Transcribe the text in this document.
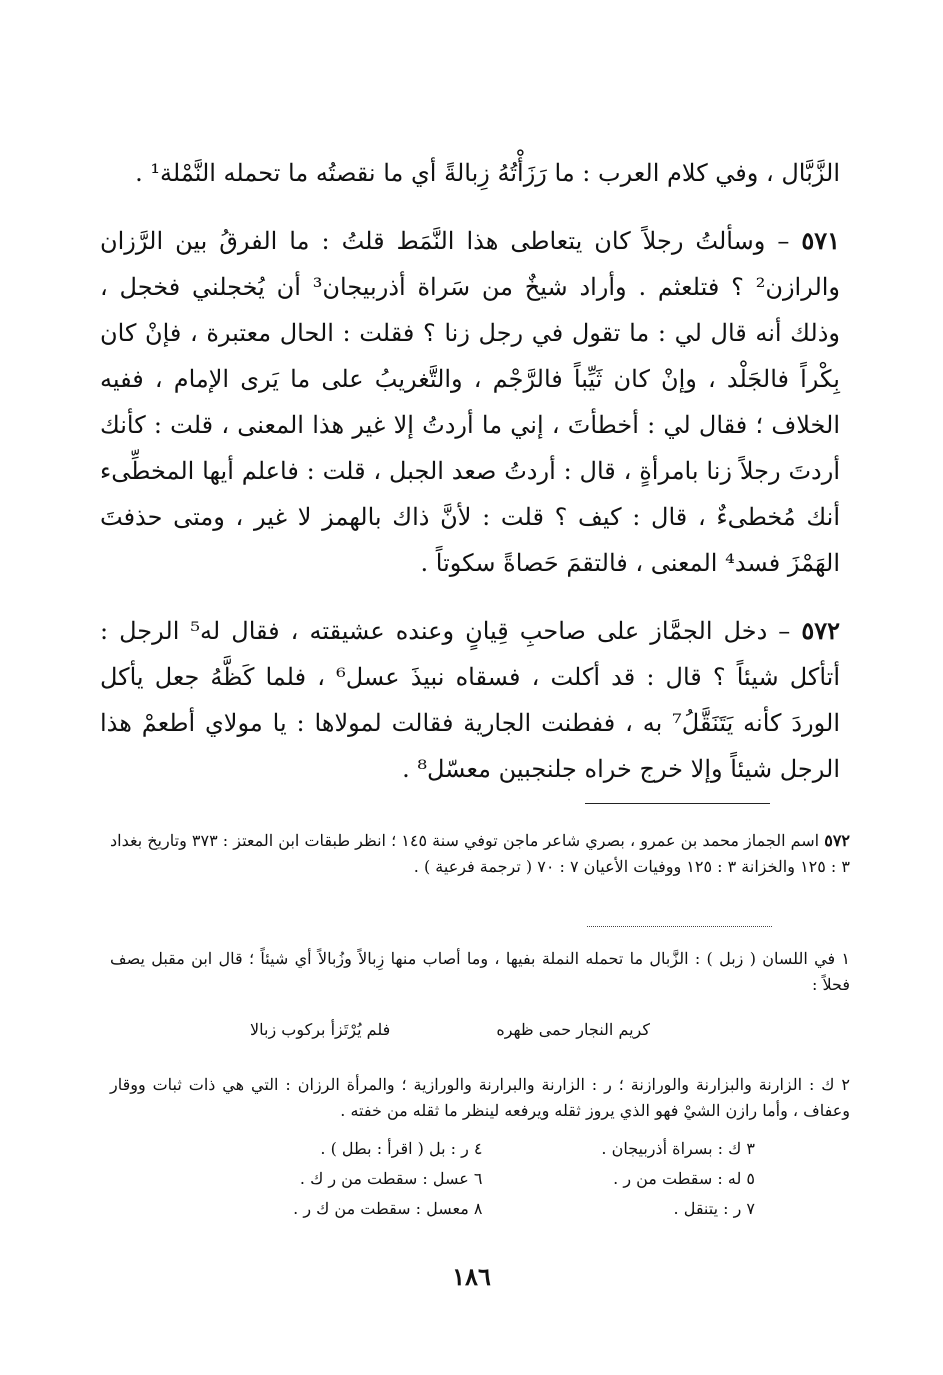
الزَّبَّال ، وفي كلام العرب : ما رَزَأْتُهُ زِبالةً أي ما نقصتُه ما تحمله النَّمْلة¹ .

٥٧١ – وسألتُ رجلاً كان يتعاطى هذا النَّمَط قلتُ : ما الفرقُ بين الرَّزان والرازن² ؟ فتلعثم . وأراد شيخٌ من سَراة أذربيجان³ أن يُخجلني فخجل ، وذلك أنه قال لي : ما تقول في رجل زنا ؟ فقلت : الحال معتبرة ، فإنْ كان بِكْراً فالجَلْد ، وإنْ كان ثَيِّباً فالرَّجْم ، والتَّغريبُ على ما يَرى الإمام ، ففيه الخلاف ؛ فقال لي : أخطأتَ ، إني ما أردتُ إلا غير هذا المعنى ، قلت : كأنك أردتَ رجلاً زنا بامرأةٍ ، قال : أردتُ صعد الجبل ، قلت : فاعلم أيها المخطِّىء أنك مُخطىءٌ ، قال : كيف ؟ قلت : لأنَّ ذاك بالهمز لا غير ، ومتى حذفتَ الهَمْزَ فسد⁴ المعنى ، فالتقمَ حَصاةً سكوتاً .

٥٧٢ – دخل الجمَّاز على صاحبِ قِيانٍ وعنده عشيقته ، فقال له⁵ الرجل : أتأكل شيئاً ؟ قال : قد أكلت ، فسقاه نبيذَ عسل⁶ ، فلما كَظَّهُ جعل يأكل الوردَ كأنه يَتَنَقَّلُ⁷ به ، ففطنت الجارية فقالت لمولاها : يا مولاي أطعمْ هذا الرجل شيئاً وإلا خرج خراه جلنجبين معسّل⁸ .

٥٧٢ اسم الجماز محمد بن عمرو ، بصري شاعر ماجن توفي سنة ١٤٥ ؛ انظر طبقات ابن المعتز : ٣٧٣ وتاريخ بغداد ٣ : ١٢٥ والخزانة ٣ : ١٢٥ ووفيات الأعيان ٧ : ٧٠ ( ترجمة فرعية ) .

١ في اللسان ( زبل ) : الزَّبال ما تحمله النملة بفيها ، وما أصاب منها زِبالاً وزُبالاً أي شيئاً ؛ قال ابن مقبل يصف فحلاً :

كريم النجار حمى ظهره
فلم يُرْتَزأ بركوب زبالا

٢ ك : الزارنة والبزارنة والورازنة ؛ ر : الزارنة والبرارنة والورازية ؛ والمرأة الرزان : التي هي ذات ثبات ووقار وعفاف ، وأما رازن الشيْ فهو الذي يروز ثقله ويرفعه لينظر ما ثقله من خفته .

٣ ك : بسراة أذربيجان .
٤ ر : بل ( اقرأ : بطل ) .
٥ له : سقطت من ر .
٦ عسل : سقطت من ر ك .
٧ ر : يتنقل .
٨ معسل : سقطت من ك ر .
١٨٦
